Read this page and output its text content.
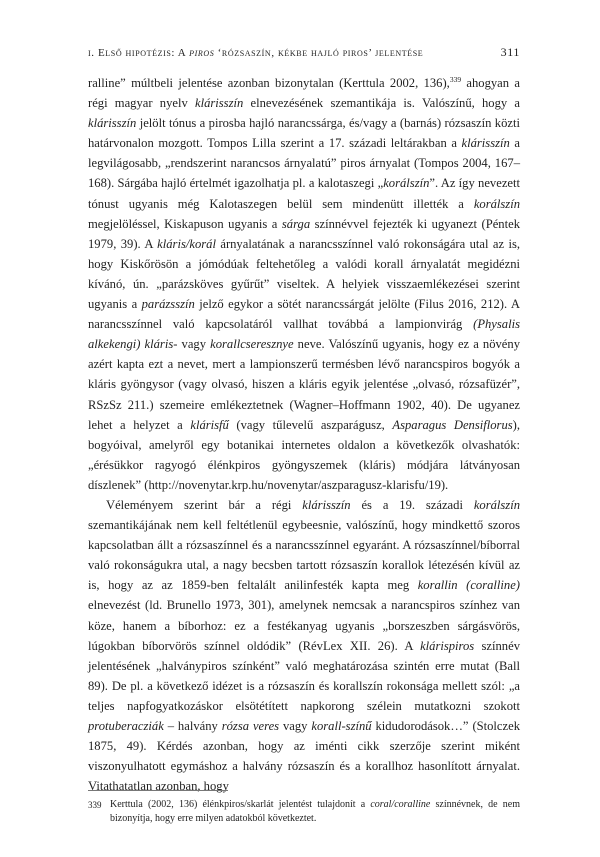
i. Első hipotézis: A piros ‘rózsaszín, kékbe hajló piros’ jelentése	311

ralline” múltbeli jelentése azonban bizonytalan (Kerttula 2002, 136),$^{339}$ ahogyan a régi magyar nyelv klárisszín elnevezésének szemantikája is. Valószínű, hogy a klárisszín jelölt tónus a pirosba hajló narancssárga, és/vagy a (barnás) rózsaszín közti határvonalon mozgott. Tompos Lilla szerint a 17. századi leltárakban a klárisszín a legvilágosabb, „rendszerint narancsos árnyalatú” piros árnyalat (Tompos 2004, 167–168). Sárgába hajló értelmét igazolhatja pl. a kalotaszegi „korálszín”. Az így nevezett tónust ugyanis még Kalotaszegen belül sem mindenütt illették a korálszín megjelöléssel, Kiskapuson ugyanis a sárga színnévvel fejezték ki ugyanezt (Péntek 1979, 39). A kláris/korál árnyalatának a narancsszínnel való rokonságára utal az is, hogy Kiskőrösön a jómódúak feltehetőleg a valódi korall árnyalatát megidézni kívánó, ún. „parázsköves gyűrűt” viseltek. A helyiek visszaemlékezései szerint ugyanis a parázsszín jelző egykor a sötét narancssárgát jelölte (Filus 2016, 212). A narancsszínnel való kapcsolatáról vallhat továbbá a lampionvirág (Physalis alkekengi) kláris- vagy korallcseresznye neve. Valószínű ugyanis, hogy ez a növény azért kapta ezt a nevet, mert a lampionszerű termésben lévő narancspiros bogyók a kláris gyöngysor (vagy olvasó, hiszen a kláris egyik jelentése „olvasó, rózsafüzér”, RSzSz 211.) szemeire emlékeztetnek (Wagner–Hoffmann 1902, 40). De ugyanez lehet a helyzet a klárisfű (vagy tűlevelű aszparágusz, Asparagus Densiflorus), bogyóival, amelyről egy botanikai internetes oldalon a következők olvashatók: „érésükkor ragyogó élénkpiros gyöngyszemek (kláris) módjára látványosan díszlenek” (http://novenytar.krp.hu/novenytar/aszparagusz-klarisfu/19).

Véleményem szerint bár a régi klárisszín és a 19. századi korálszín szemantikájának nem kell feltétlenül egybeesnie, valószínű, hogy mindkettő szoros kapcsolatban állt a rózsaszínnel és a narancsszínnel egyaránt. A rózsaszínnel/bíborral való rokonságukra utal, a nagy becsben tartott rózsaszín korallok létezésén kívül az is, hogy az az 1859-ben feltalált anilinfesték kapta meg korallin (coralline) elnevezést (ld. Brunello 1973, 301), amelynek nemcsak a narancspiros színhez van köze, hanem a bíborhoz: ez a festékanyag ugyanis „borszeszben sárgásvörös, lúgokban bíborvörös színnel oldódik” (RévLex XII. 26). A klárispiros színnév jelentésének „halványpiros színként” való meghatározása szintén erre mutat (Ball 89). De pl. a következő idézet is a rózsaszín és korallszín rokonsága mellett szól: „a teljes napfogyatkozáskor elsötétített napkorong szélein mutatkozni szokott protuberacziák – halvány rózsa veres vagy korall-színű kidudorodások…” (Stolczek 1875, 49). Kérdés azonban, hogy az iménti cikk szerzője szerint miként viszonyulhatott egymáshoz a halvány rózsaszín és a korallhoz hasonlított árnyalat. Vitathatatlan azonban, hogy

339 Kerttula (2002, 136) élénkpiros/skarlát jelentést tulajdonít a coral/coralline színnévnek, de nem bizonyítja, hogy erre milyen adatokból következtet.
